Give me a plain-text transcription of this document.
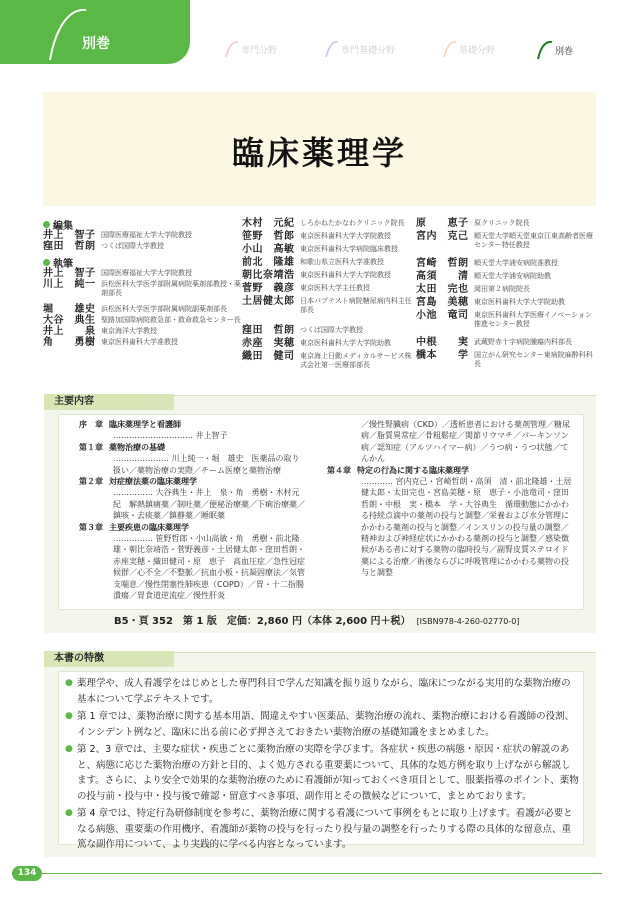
別巻	専門分野	専門基礎分野	基礎分野	別巻
臨床薬理学
編集
井上　智子 国際医療福祉大学大学院教授
窪田　哲朗 つくば国際大学教授
執筆
井上　智子 国際医療福祉大学大学院教授
川上　純一 浜松医科大学医学部附属病院薬剤部教授・薬剤部長
堀　　雄史 浜松医科大学医学部附属病院副薬剤部長
大谷　典生 聖路加国際病院救急部・救命救急センター長
井上　　泉 東京海洋大学教授
角　　勇樹 東京医科歯科大学准教授
木村　元紀 しろかねたかなわクリニック院長
笹野　哲郎 東京医科歯科大学大学院教授
小山　高敏 東京医科歯科大学病院臨床教授
前北　隆雄 和歌山県立医科大学准教授
朝比奈靖浩 東京医科歯科大学大学院教授
菅野　義彦 東京医科大学主任教授
土居健太郎 日本バプテスト病院糖尿病内科主任部長
窪田　哲朗 つくば国際大学教授
赤座　実穂 東京医科歯科大学大学院助教
織田　健司 東京海上日動メディカルサービス株式会社第一医療部部長
原　　恵子 原クリニック院長
宮内　克己 順天堂大学順天堂東京江東高齢者医療センター特任教授
宮崎　哲朗 順天堂大学浦安病院准教授
高須　　清 順天堂大学浦安病院助教
太田　完也 岡田第２病院院長
宮島　美穂 東京医科歯科大学大学院助教
小池　竜司 東京医科歯科大学医療イノベーション推進センター教授
中根　　実 武蔵野赤十字病院腫瘍内科部長
橋本　　学 国立がん研究センター東病院麻酔科科長
主要内容
序　章 臨床薬理学と看護師
………………………… 井上智子
第１章 薬物治療の基礎
………………… 川上純一・堀　雄史　医薬品の取り扱い／薬物治療の実際／チーム医療と薬物治療
第２章 対症療法薬の臨床薬理学
…………… 大谷典生・井上　泉・角　勇樹・木村元紀　解熱鎮痛薬／制吐薬／便秘治療薬／下痢治療薬／鎮咳・去痰薬／鎮静薬／睡眠薬
第３章 主要疾患の臨床薬理学
…………… 笹野哲郎・小山高敏・角　勇樹・前北隆雄・朝比奈靖浩・菅野義彦・土居健太郎・窪田哲朗・赤座実穂・織田健司・原　恵子　高血圧症／急性冠症候群／心不全／不整脈／抗血小板・抗凝固療法／気管支喘息／慢性閉塞性肺疾患（COPD）／胃・十二指腸潰瘍／胃食道逆流症／慢性肝炎
／慢性腎臓病（CKD）／透析患者における薬剤管理／糖尿病／脂質異常症／骨粗鬆症／関節リウマチ／パーキンソン病／認知症（アルツハイマー病）／うつ病・うつ状態／てんかん
第４章 特定の行為に関する臨床薬理学
………… 宮内克己・宮崎哲朗・高須　清・前北隆雄・土居健太郎・太田完也・宮島美穂・原　恵子・小池竜司・窪田哲朗・中根　実・橋本　学・大谷典生　循環動態にかかわる持続点滴中の薬剤の投与と調整／栄養および水分管理にかかわる薬剤の投与と調整／インスリンの投与量の調整／精神および神経症状にかかわる薬剤の投与と調整／感染徴候がある者に対する薬物の臨時投与／副腎皮質ステロイド薬による治療／術後ならびに呼吸管理にかかわる薬物の投与と調整
B5・頁 352　第 1 版　定価：2,860 円（本体 2,600 円＋税） [ISBN978-4-260-02770-0]
本書の特徴
● 薬理学や、成人看護学をはじめとした専門科目で学んだ知識を振り返りながら、臨床につながる実用的な薬物治療の基本について学ぶテキストです。
● 第 1 章では、薬物治療に関する基本用語、間違えやすい医薬品、薬物治療の流れ、薬物治療における看護師の役割、インシデント例など、臨床に出る前に必ず押さえておきたい薬物治療の基礎知識をまとめました。
● 第 2、3 章では、主要な症状・疾患ごとに薬物治療の実際を学びます。各症状・疾患の病態・原因・症状の解説のあと、病態に応じた薬物治療の方針と目的、よく処方される重要薬について、具体的な処方例を取り上げながら解説します。さらに、より安全で効果的な薬物治療のために看護師が知っておくべき項目として、服薬指導のポイント、薬物の投与前・投与中・投与後で確認・留意すべき事項、副作用とその徴候などについて、まとめております。
● 第 4 章では、特定行為研修制度を参考に、薬物治療に関する看護について事例をもとに取り上げます。看護が必要となる病態、重要薬の作用機序、看護師が薬物の投与を行ったり投与量の調整を行ったりする際の具体的な留意点、重篤な副作用について、より実践的に学べる内容となっています。
134
